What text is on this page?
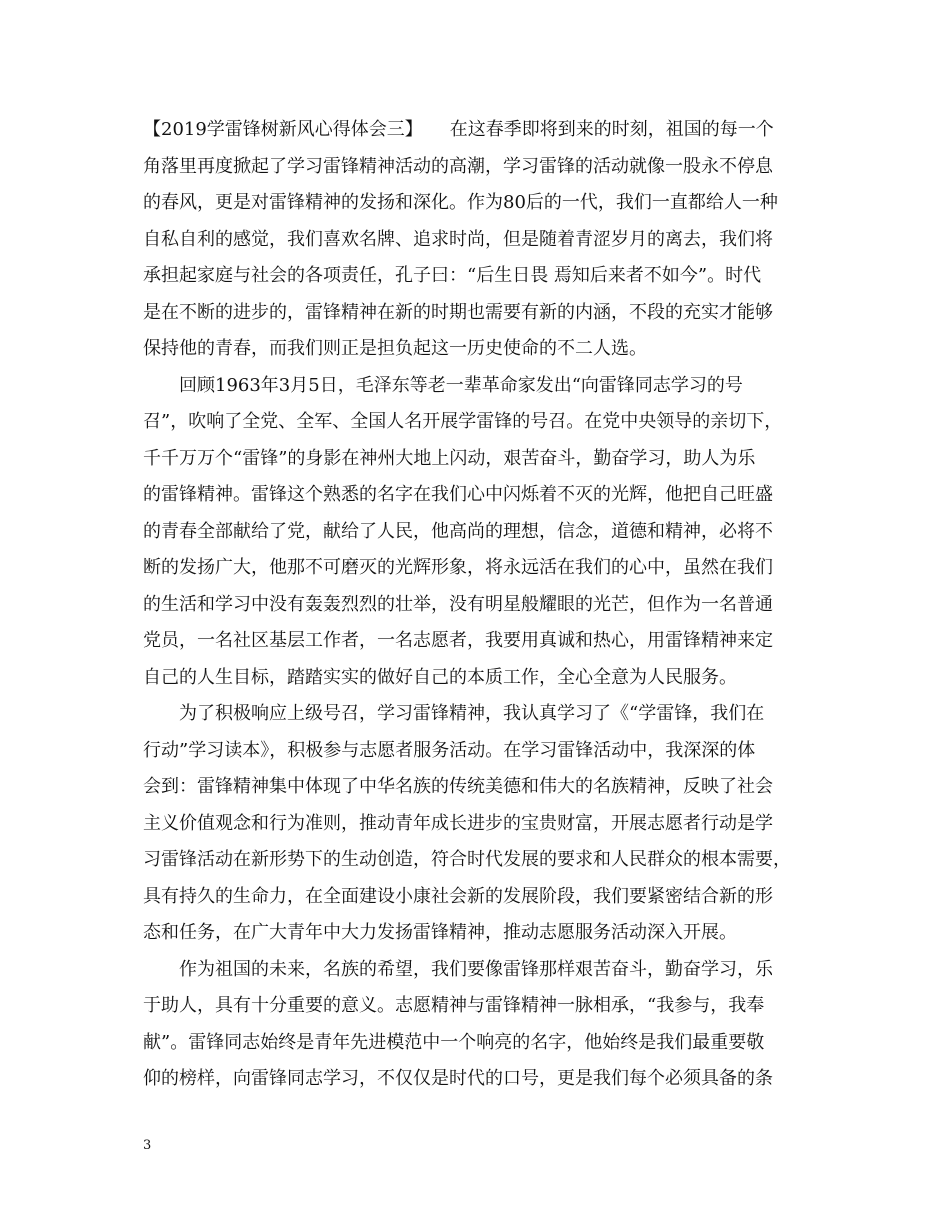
【2019学雷锋树新风心得体会三】　　在这春季即将到来的时刻，祖国的每一个
角落里再度掀起了学习雷锋精神活动的高潮，学习雷锋的活动就像一股永不停息
的春风，更是对雷锋精神的发扬和深化。作为80后的一代，我们一直都给人一种
自私自利的感觉，我们喜欢名牌、追求时尚，但是随着青涩岁月的离去，我们将
承担起家庭与社会的各项责任，孔子曰：“后生日畏 焉知后来者不如今”。时代
是在不断的进步的，雷锋精神在新的时期也需要有新的内涵，不段的充实才能够
保持他的青春，而我们则正是担负起这一历史使命的不二人选。
　　回顾1963年3月5日，毛泽东等老一辈革命家发出“向雷锋同志学习的号
召”，吹响了全党、全军、全国人名开展学雷锋的号召。在党中央领导的亲切下，
千千万万个“雷锋”的身影在神州大地上闪动，艰苦奋斗，勤奋学习，助人为乐
的雷锋精神。雷锋这个熟悉的名字在我们心中闪烁着不灭的光辉，他把自己旺盛
的青春全部献给了党，献给了人民，他高尚的理想，信念，道德和精神，必将不
断的发扬广大，他那不可磨灭的光辉形象，将永远活在我们的心中，虽然在我们
的生活和学习中没有轰轰烈烈的壮举，没有明星般耀眼的光芒，但作为一名普通
党员，一名社区基层工作者，一名志愿者，我要用真诚和热心，用雷锋精神来定
自己的人生目标，踏踏实实的做好自己的本质工作，全心全意为人民服务。
　　为了积极响应上级号召，学习雷锋精神，我认真学习了《“学雷锋，我们在
行动”学习读本》，积极参与志愿者服务活动。在学习雷锋活动中，我深深的体
会到：雷锋精神集中体现了中华名族的传统美德和伟大的名族精神，反映了社会
主义价值观念和行为准则，推动青年成长进步的宝贵财富，开展志愿者行动是学
习雷锋活动在新形势下的生动创造，符合时代发展的要求和人民群众的根本需要，
具有持久的生命力，在全面建设小康社会新的发展阶段，我们要紧密结合新的形
态和任务，在广大青年中大力发扬雷锋精神，推动志愿服务活动深入开展。
　　作为祖国的未来，名族的希望，我们要像雷锋那样艰苦奋斗，勤奋学习，乐
于助人，具有十分重要的意义。志愿精神与雷锋精神一脉相承，“我参与，我奉
献”。雷锋同志始终是青年先进模范中一个响亮的名字，他始终是我们最重要敬
仰的榜样，向雷锋同志学习，不仅仅是时代的口号，更是我们每个必须具备的条
3
